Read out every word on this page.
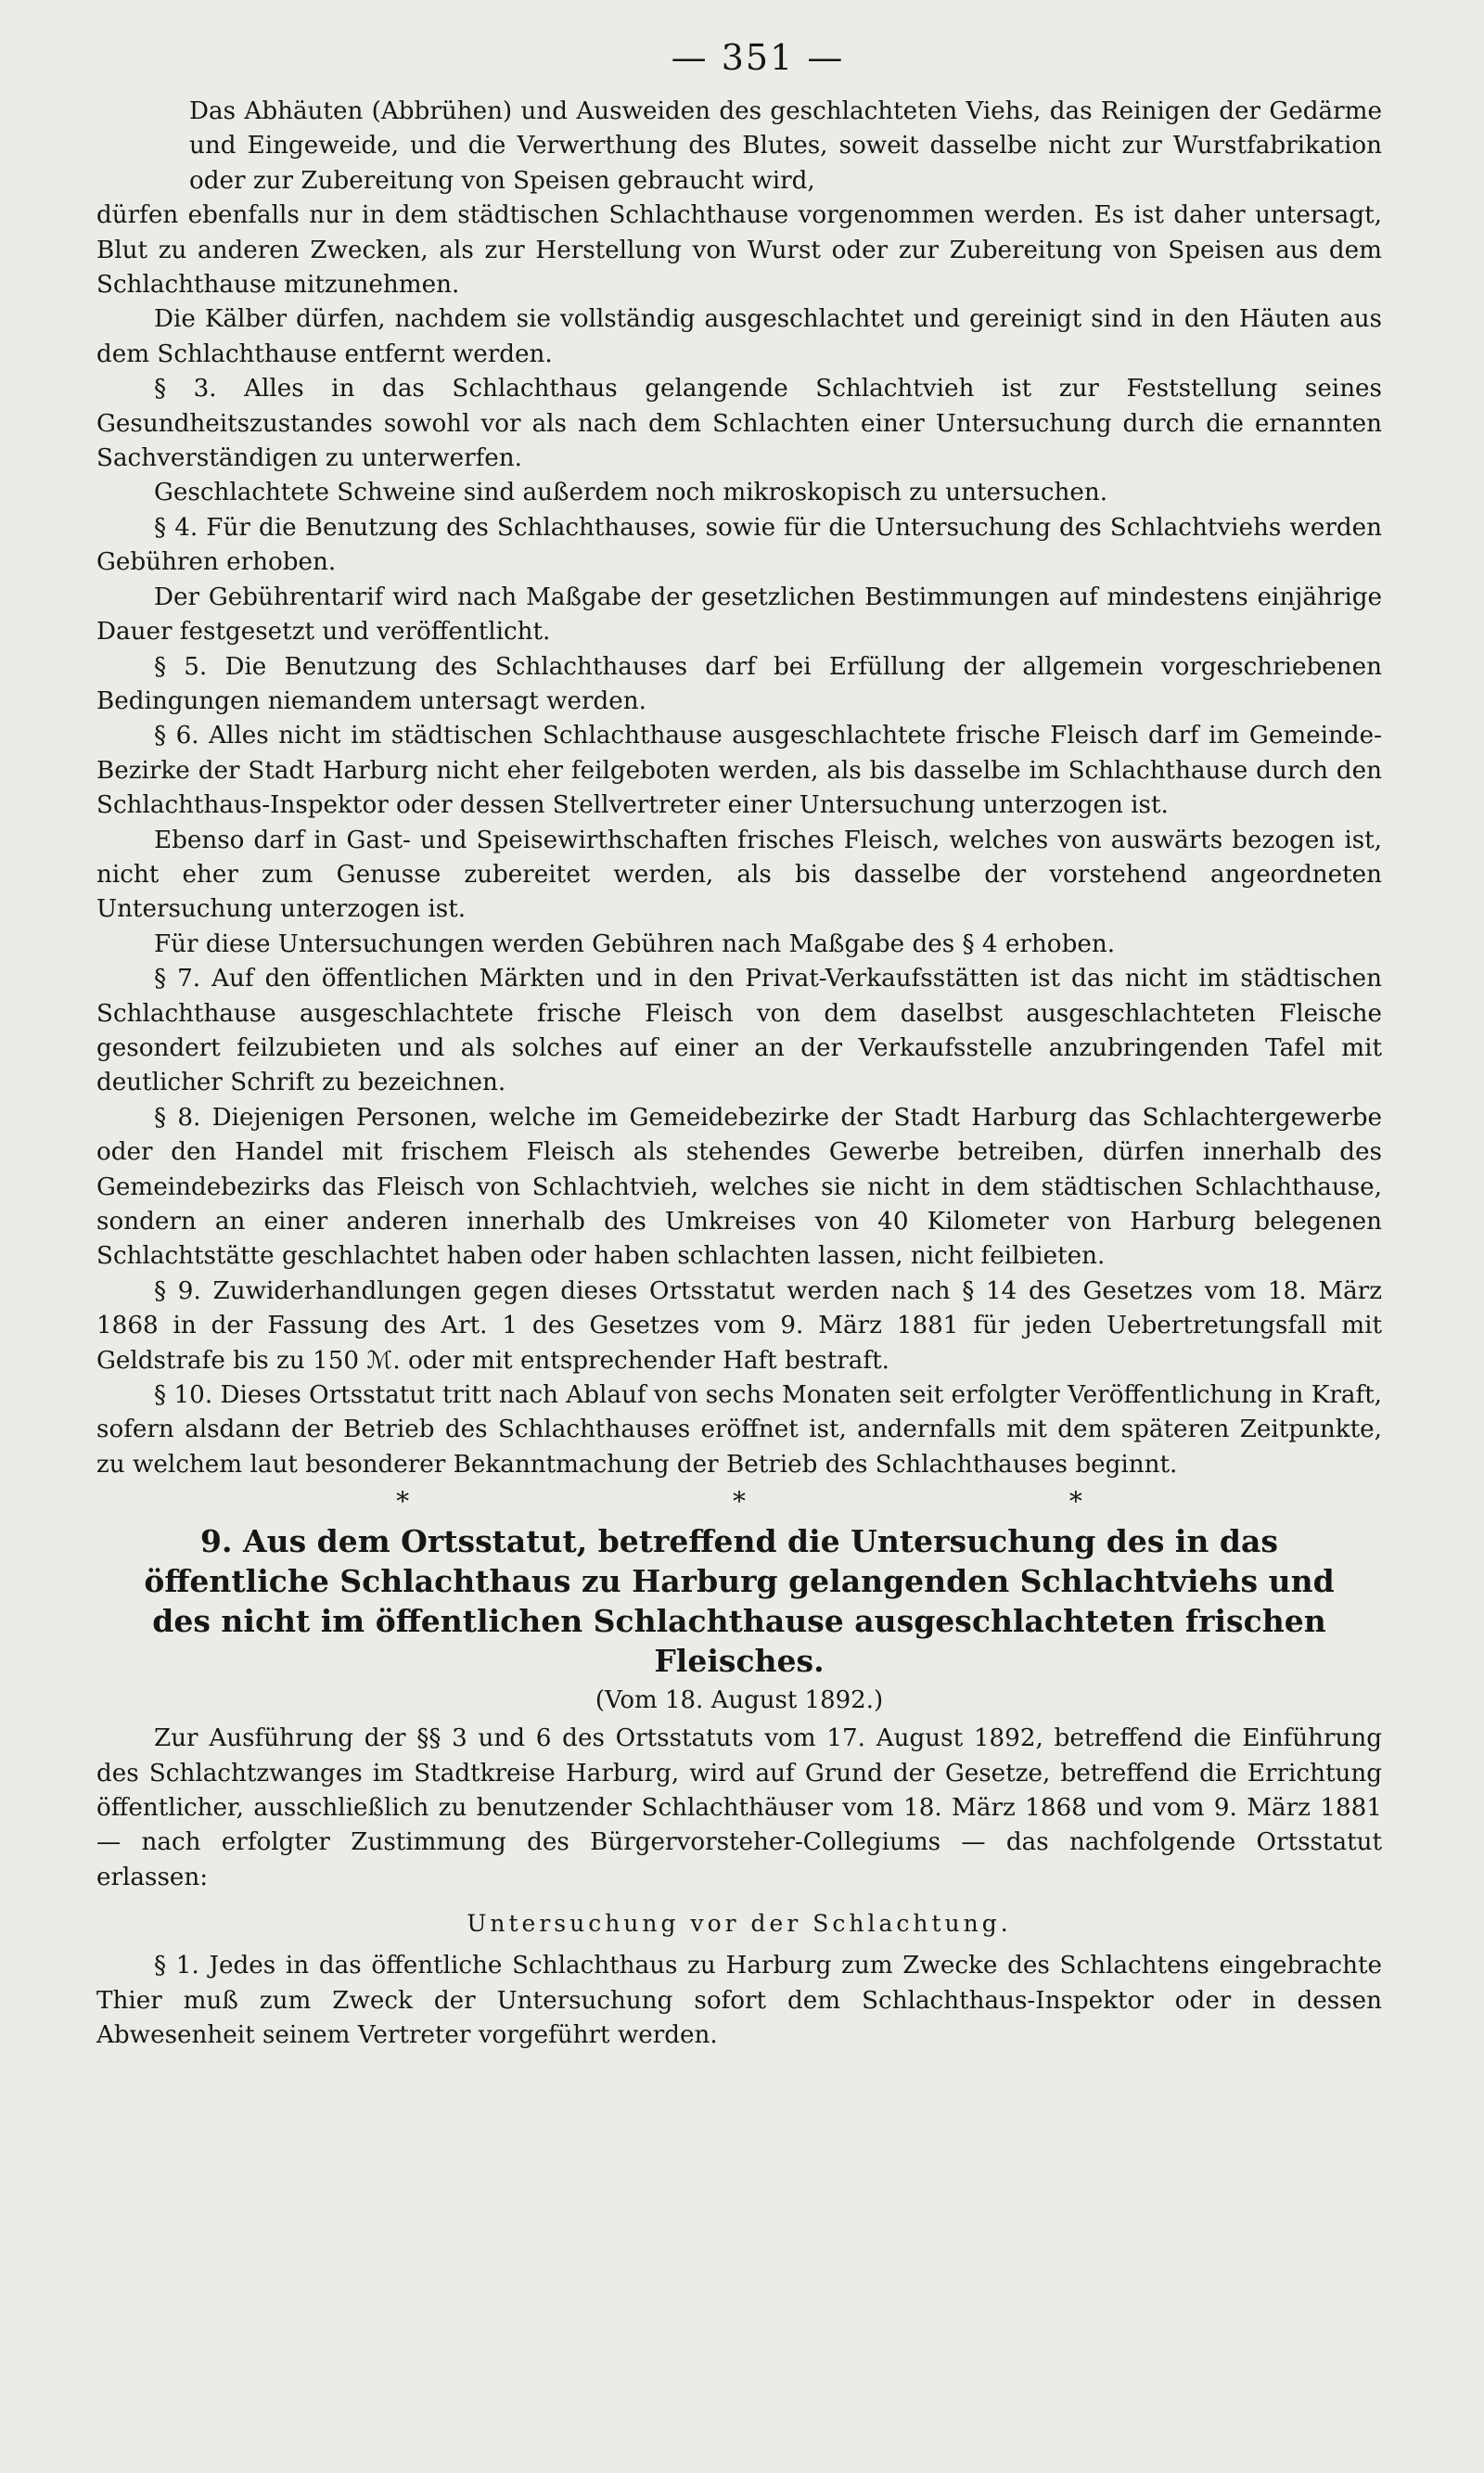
— 351 —

Das Abhäuten (Abbrühen) und Ausweiden des geschlachteten Viehs, das Reinigen der Gedärme und Eingeweide, und die Verwerthung des Blutes, soweit dasselbe nicht zur Wurstfabrikation oder zur Zubereitung von Speisen gebraucht wird,

dürfen ebenfalls nur in dem städtischen Schlachthause vorgenommen werden. Es ist daher untersagt, Blut zu anderen Zwecken, als zur Herstellung von Wurst oder zur Zubereitung von Speisen aus dem Schlachthause mitzunehmen.

Die Kälber dürfen, nachdem sie vollständig ausgeschlachtet und gereinigt sind in den Häuten aus dem Schlachthause entfernt werden.

§ 3. Alles in das Schlachthaus gelangende Schlachtvieh ist zur Feststellung seines Gesundheitszustandes sowohl vor als nach dem Schlachten einer Untersuchung durch die ernannten Sachverständigen zu unterwerfen.

Geschlachtete Schweine sind außerdem noch mikroskopisch zu untersuchen.

§ 4. Für die Benutzung des Schlachthauses, sowie für die Untersuchung des Schlachtviehs werden Gebühren erhoben.

Der Gebührentarif wird nach Maßgabe der gesetzlichen Bestimmungen auf mindestens einjährige Dauer festgesetzt und veröffentlicht.

§ 5. Die Benutzung des Schlachthauses darf bei Erfüllung der allgemein vorgeschriebenen Bedingungen niemandem untersagt werden.

§ 6. Alles nicht im städtischen Schlachthause ausgeschlachtete frische Fleisch darf im Gemeinde-Bezirke der Stadt Harburg nicht eher feilgeboten werden, als bis dasselbe im Schlachthause durch den Schlachthaus-Inspektor oder dessen Stellvertreter einer Untersuchung unterzogen ist.

Ebenso darf in Gast- und Speisewirthschaften frisches Fleisch, welches von auswärts bezogen ist, nicht eher zum Genusse zubereitet werden, als bis dasselbe der vorstehend angeordneten Untersuchung unterzogen ist.

Für diese Untersuchungen werden Gebühren nach Maßgabe des § 4 erhoben.

§ 7. Auf den öffentlichen Märkten und in den Privat-Verkaufsstätten ist das nicht im städtischen Schlachthause ausgeschlachtete frische Fleisch von dem daselbst ausgeschlachteten Fleische gesondert feilzubieten und als solches auf einer an der Verkaufsstelle anzubringenden Tafel mit deutlicher Schrift zu bezeichnen.

§ 8. Diejenigen Personen, welche im Gemeidebezirke der Stadt Harburg das Schlachtergewerbe oder den Handel mit frischem Fleisch als stehendes Gewerbe betreiben, dürfen innerhalb des Gemeindebezirks das Fleisch von Schlachtvieh, welches sie nicht in dem städtischen Schlachthause, sondern an einer anderen innerhalb des Umkreises von 40 Kilometer von Harburg belegenen Schlachtstätte geschlachtet haben oder haben schlachten lassen, nicht feilbieten.

§ 9. Zuwiderhandlungen gegen dieses Ortsstatut werden nach § 14 des Gesetzes vom 18. März 1868 in der Fassung des Art. 1 des Gesetzes vom 9. März 1881 für jeden Uebertretungsfall mit Geldstrafe bis zu 150 ℳ. oder mit entsprechender Haft bestraft.

§ 10. Dieses Ortsstatut tritt nach Ablauf von sechs Monaten seit erfolgter Veröffentlichung in Kraft, sofern alsdann der Betrieb des Schlachthauses eröffnet ist, andernfalls mit dem späteren Zeitpunkte, zu welchem laut besonderer Bekanntmachung der Betrieb des Schlachthauses beginnt.

* * *
9. Aus dem Ortsstatut, betreffend die Untersuchung des in das öffentliche Schlachthaus zu Harburg gelangenden Schlachtviehs und des nicht im öffentlichen Schlachthause ausgeschlachteten frischen Fleisches.
(Vom 18. August 1892.)

Zur Ausführung der §§ 3 und 6 des Ortsstatuts vom 17. August 1892, betreffend die Einführung des Schlachtzwanges im Stadtkreise Harburg, wird auf Grund der Gesetze, betreffend die Errichtung öffentlicher, ausschließlich zu benutzender Schlachthäuser vom 18. März 1868 und vom 9. März 1881 — nach erfolgter Zustimmung des Bürgervorsteher-Collegiums — das nachfolgende Ortsstatut erlassen:

Untersuchung vor der Schlachtung.

§ 1. Jedes in das öffentliche Schlachthaus zu Harburg zum Zwecke des Schlachtens eingebrachte Thier muß zum Zweck der Untersuchung sofort dem Schlachthaus-Inspektor oder in dessen Abwesenheit seinem Vertreter vorgeführt werden.
